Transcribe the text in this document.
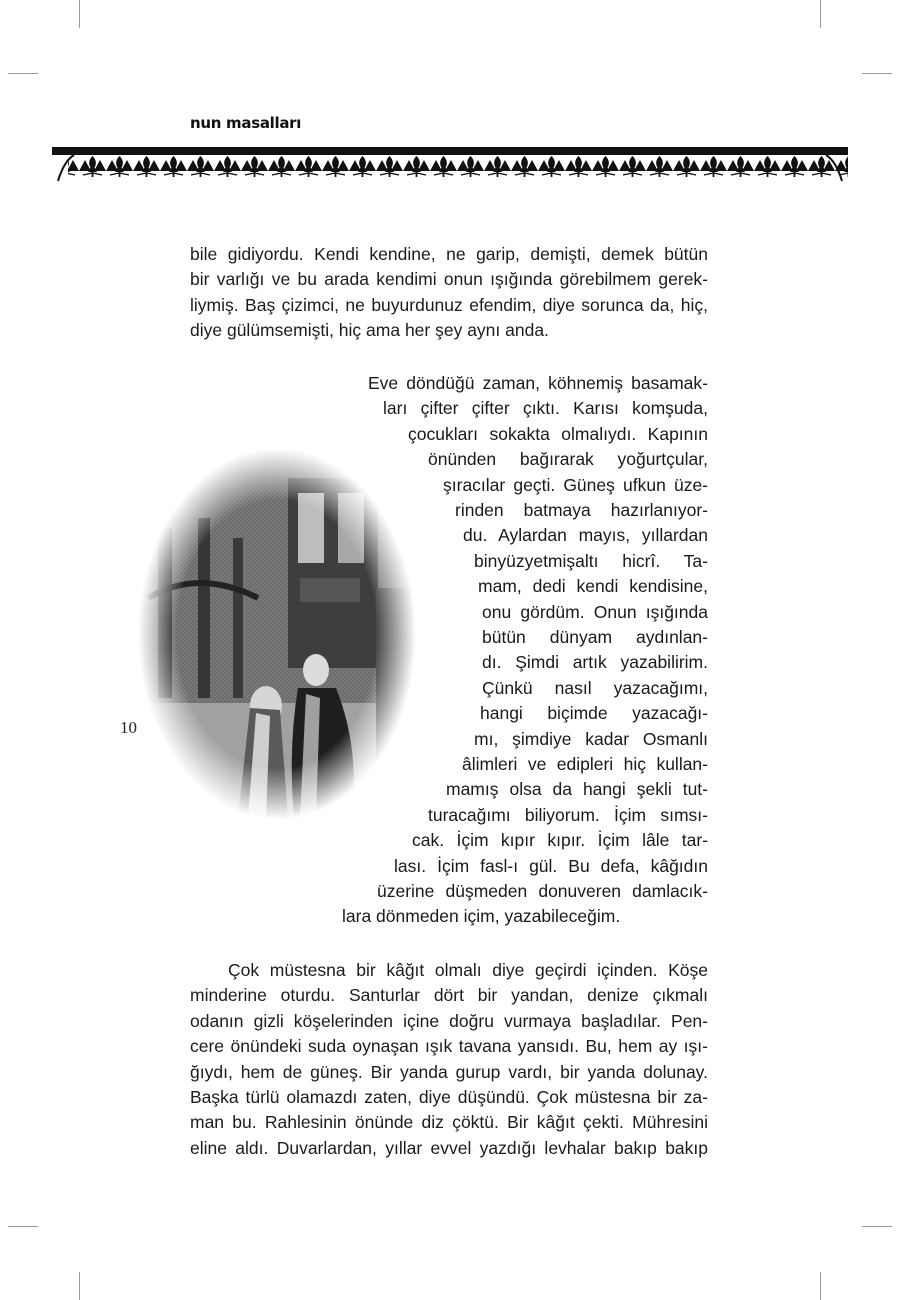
nun masalları
bile gidiyordu. Kendi kendine, ne garip, demişti, demek bütün
bir varlığı ve bu arada kendimi onun ışığında görebilmem gerek-
liymiş. Baş çizimci, ne buyurdunuz efendim, diye sorunca da, hiç,
diye gülümsemişti, hiç ama her şey aynı anda.
10
Eve döndüğü zaman, köhnemiş basamak-
ları çifter çifter çıktı. Karısı komşuda,
çocukları sokakta olmalıydı. Kapının
önünden bağırarak yoğurtçular,
şıracılar geçti. Güneş ufkun üze-
rinden batmaya hazırlanıyor-
du. Aylardan mayıs, yıllardan
binyüzyetmişaltı hicrî. Ta-
mam, dedi kendi kendisine,
onu gördüm. Onun ışığında
bütün dünyam aydınlan-
dı. Şimdi artık yazabilirim.
Çünkü nasıl yazacağımı,
hangi biçimde yazacağı-
mı, şimdiye kadar Osmanlı
âlimleri ve edipleri hiç kullan-
mamış olsa da hangi şekli tut-
turacağımı biliyorum. İçim sımsı-
cak. İçim kıpır kıpır. İçim lâle tar-
lası. İçim fasl-ı gül. Bu defa, kâğıdın
üzerine düşmeden donuveren damlacık-
lara dönmeden içim, yazabileceğim.
Çok müstesna bir kâğıt olmalı diye geçirdi içinden. Köşe
minderine oturdu. Santurlar dört bir yandan, denize çıkmalı
odanın gizli köşelerinden içine doğru vurmaya başladılar. Pen-
cere önündeki suda oynaşan ışık tavana yansıdı. Bu, hem ay ışı-
ğıydı, hem de güneş. Bir yanda gurup vardı, bir yanda dolunay.
Başka türlü olamazdı zaten, diye düşündü. Çok müstesna bir za-
man bu. Rahlesinin önünde diz çöktü. Bir kâğıt çekti. Mühresini
eline aldı. Duvarlardan, yıllar evvel yazdığı levhalar bakıp bakıp
